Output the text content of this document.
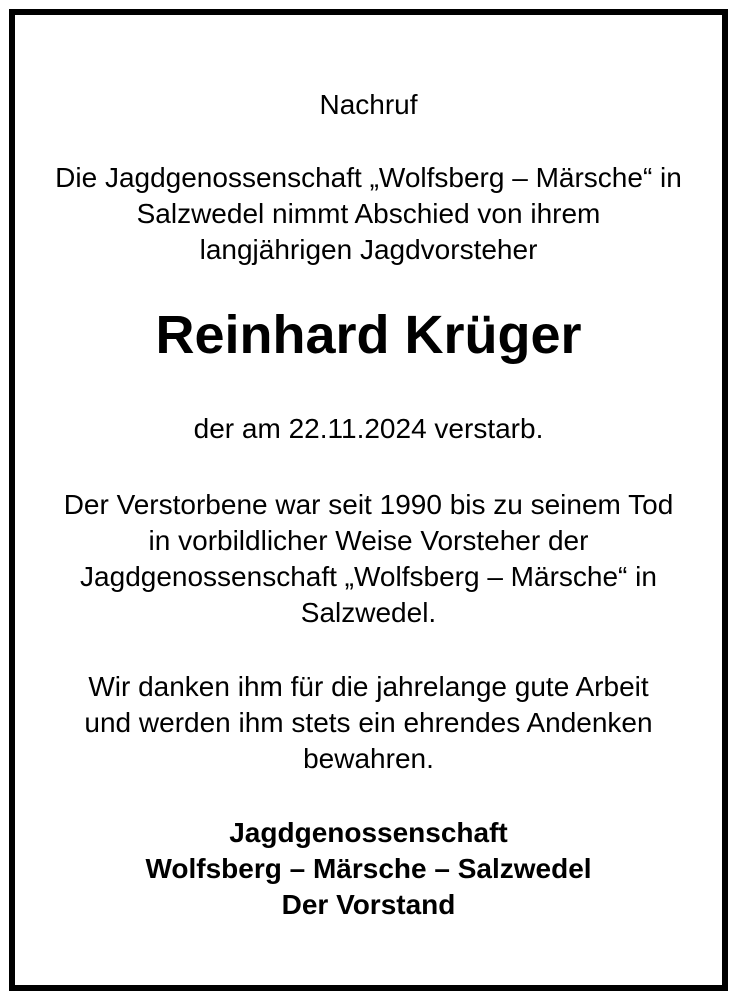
Nachruf

Die Jagdgenossenschaft „Wolfsberg – Märsche“ in

Salzwedel nimmt Abschied von ihrem

langjährigen Jagdvorsteher

Reinhard Krüger

der am 22.11.2024 verstarb.

Der Verstorbene war seit 1990 bis zu seinem Tod

in vorbildlicher Weise Vorsteher der

Jagdgenossenschaft „Wolfsberg – Märsche“ in

Salzwedel.

Wir danken ihm für die jahrelange gute Arbeit

und werden ihm stets ein ehrendes Andenken

bewahren.

Jagdgenossenschaft

Wolfsberg – Märsche – Salzwedel

Der Vorstand
